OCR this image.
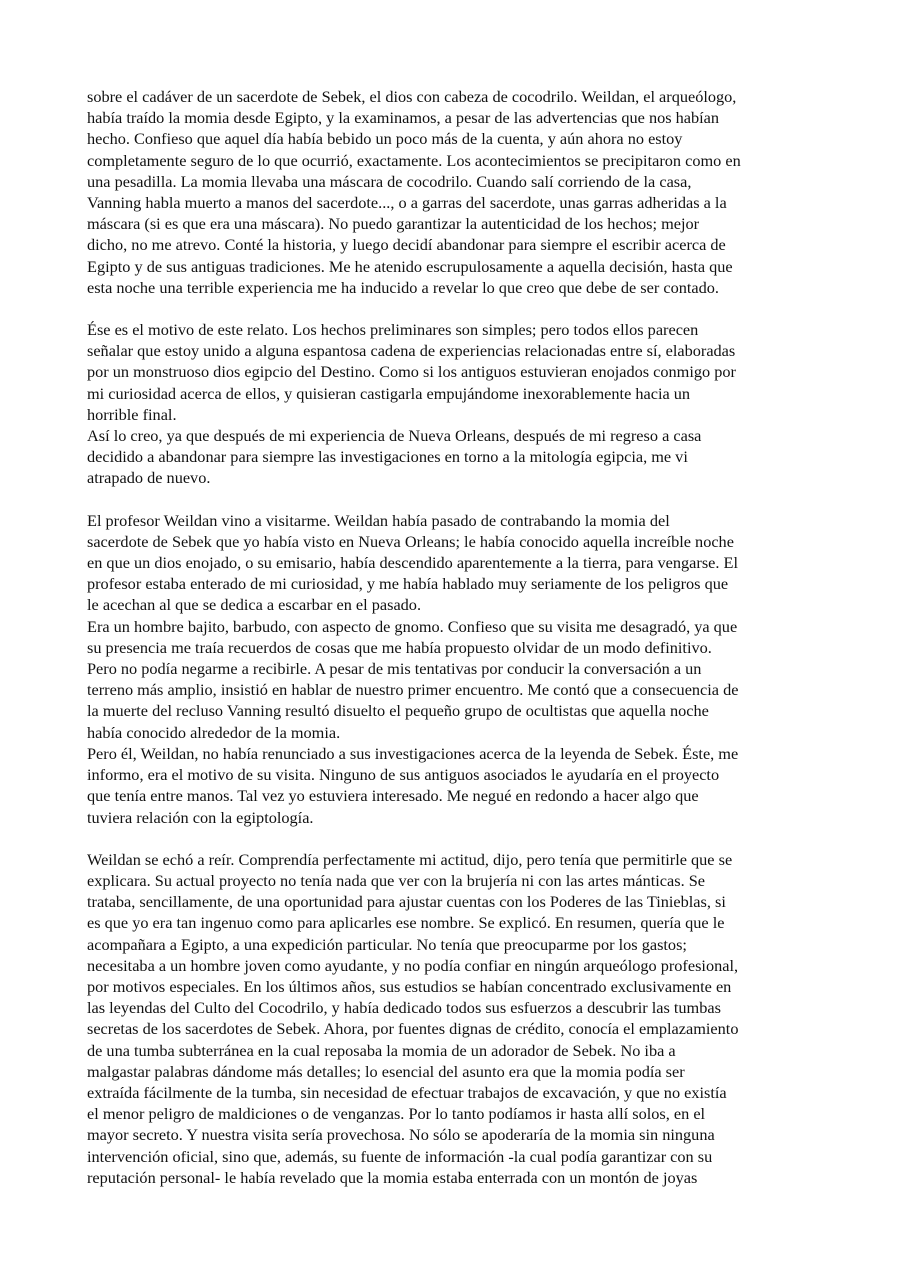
sobre el cadáver de un sacerdote de Sebek, el dios con cabeza de cocodrilo. Weildan, el arqueólogo,
había traído la momia desde Egipto, y la examinamos, a pesar de las advertencias que nos habían
hecho. Confieso que aquel día había bebido un poco más de la cuenta, y aún ahora no estoy
completamente seguro de lo que ocurrió, exactamente. Los acontecimientos se precipitaron como en
una pesadilla. La momia llevaba una máscara de cocodrilo. Cuando salí corriendo de la casa,
Vanning habla muerto a manos del sacerdote..., o a garras del sacerdote, unas garras adheridas a la
máscara (si es que era una máscara). No puedo garantizar la autenticidad de los hechos; mejor
dicho, no me atrevo. Conté la historia, y luego decidí abandonar para siempre el escribir acerca de
Egipto y de sus antiguas tradiciones. Me he atenido escrupulosamente a aquella decisión, hasta que
esta noche una terrible experiencia me ha inducido a revelar lo que creo que debe de ser contado.

Ése es el motivo de este relato. Los hechos preliminares son simples; pero todos ellos parecen
señalar que estoy unido a alguna espantosa cadena de experiencias relacionadas entre sí, elaboradas
por un monstruoso dios egipcio del Destino. Como si los antiguos estuvieran enojados conmigo por
mi curiosidad acerca de ellos, y quisieran castigarla empujándome inexorablemente hacia un
horrible final.

Así lo creo, ya que después de mi experiencia de Nueva Orleans, después de mi regreso a casa
decidido a abandonar para siempre las investigaciones en torno a la mitología egipcia, me vi
atrapado de nuevo.

El profesor Weildan vino a visitarme. Weildan había pasado de contrabando la momia del
sacerdote de Sebek que yo había visto en Nueva Orleans; le había conocido aquella increíble noche
en que un dios enojado, o su emisario, había descendido aparentemente a la tierra, para vengarse. El
profesor estaba enterado de mi curiosidad, y me había hablado muy seriamente de los peligros que
le acechan al que se dedica a escarbar en el pasado.

Era un hombre bajito, barbudo, con aspecto de gnomo. Confieso que su visita me desagradó, ya que
su presencia me traía recuerdos de cosas que me había propuesto olvidar de un modo definitivo.
Pero no podía negarme a recibirle. A pesar de mis tentativas por conducir la conversación a un
terreno más amplio, insistió en hablar de nuestro primer encuentro. Me contó que a consecuencia de
la muerte del recluso Vanning resultó disuelto el pequeño grupo de ocultistas que aquella noche
había conocido alrededor de la momia.

Pero él, Weildan, no había renunciado a sus investigaciones acerca de la leyenda de Sebek. Éste, me
informo, era el motivo de su visita. Ninguno de sus antiguos asociados le ayudaría en el proyecto
que tenía entre manos. Tal vez yo estuviera interesado. Me negué en redondo a hacer algo que
tuviera relación con la egiptología.

Weildan se echó a reír. Comprendía perfectamente mi actitud, dijo, pero tenía que permitirle que se
explicara. Su actual proyecto no tenía nada que ver con la brujería ni con las artes mánticas. Se
trataba, sencillamente, de una oportunidad para ajustar cuentas con los Poderes de las Tinieblas, si
es que yo era tan ingenuo como para aplicarles ese nombre. Se explicó. En resumen, quería que le
acompañara a Egipto, a una expedición particular. No tenía que preocuparme por los gastos;
necesitaba a un hombre joven como ayudante, y no podía confiar en ningún arqueólogo profesional,
por motivos especiales. En los últimos años, sus estudios se habían concentrado exclusivamente en
las leyendas del Culto del Cocodrilo, y había dedicado todos sus esfuerzos a descubrir las tumbas
secretas de los sacerdotes de Sebek. Ahora, por fuentes dignas de crédito, conocía el emplazamiento
de una tumba subterránea en la cual reposaba la momia de un adorador de Sebek. No iba a
malgastar palabras dándome más detalles; lo esencial del asunto era que la momia podía ser
extraída fácilmente de la tumba, sin necesidad de efectuar trabajos de excavación, y que no existía
el menor peligro de maldiciones o de venganzas. Por lo tanto podíamos ir hasta allí solos, en el
mayor secreto. Y nuestra visita sería provechosa. No sólo se apoderaría de la momia sin ninguna
intervención oficial, sino que, además, su fuente de información -la cual podía garantizar con su
reputación personal- le había revelado que la momia estaba enterrada con un montón de joyas
